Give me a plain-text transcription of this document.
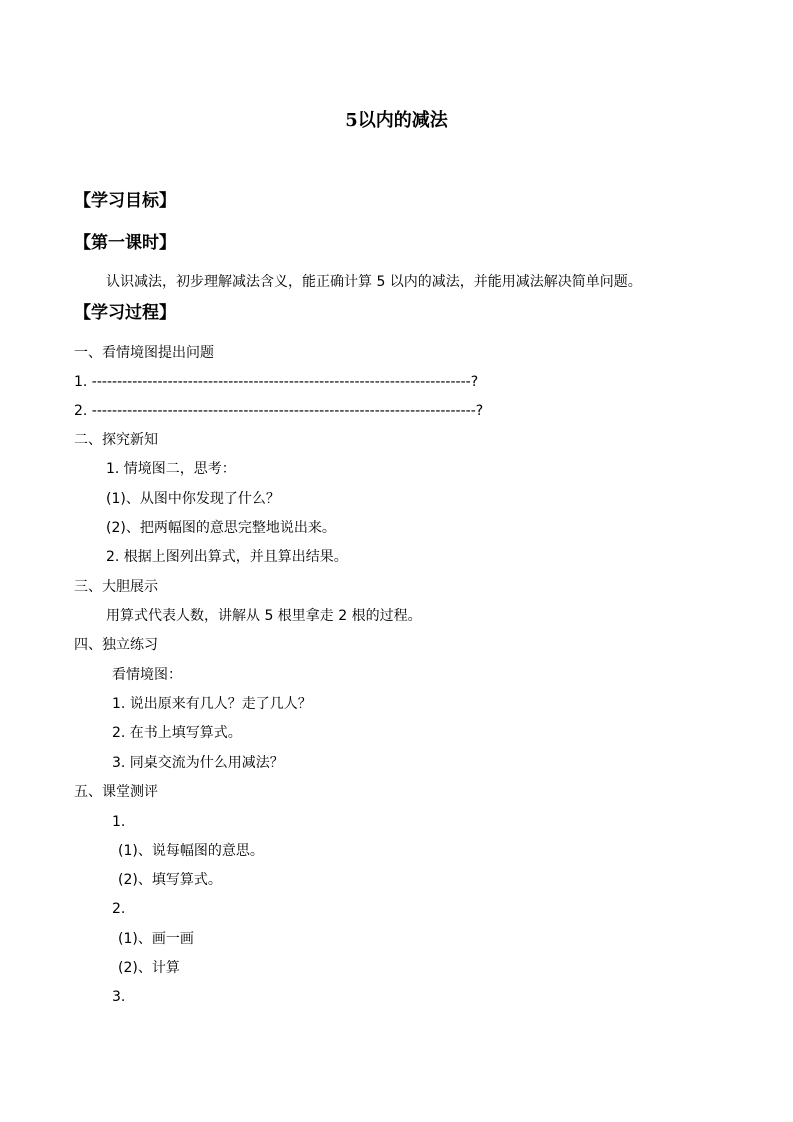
5以内的减法
【学习目标】
【第一课时】
认识减法，初步理解减法含义，能正确计算 5 以内的减法，并能用减法解决简单问题。
【学习过程】
一、看情境图提出问题
1. ---------------------------------------------------------------------------?
2. ----------------------------------------------------------------------------?
二、探究新知
1. 情境图二，思考：
(1)、从图中你发现了什么？
(2)、把两幅图的意思完整地说出来。
2. 根据上图列出算式，并且算出结果。
三、大胆展示
用算式代表人数，讲解从 5 根里拿走 2 根的过程。
四、独立练习
看情境图：
1. 说出原来有几人？走了几人？
2. 在书上填写算式。
3. 同桌交流为什么用减法？
五、课堂测评
1.
(1)、说每幅图的意思。
(2)、填写算式。
2.
(1)、画一画
(2)、计算
3.
